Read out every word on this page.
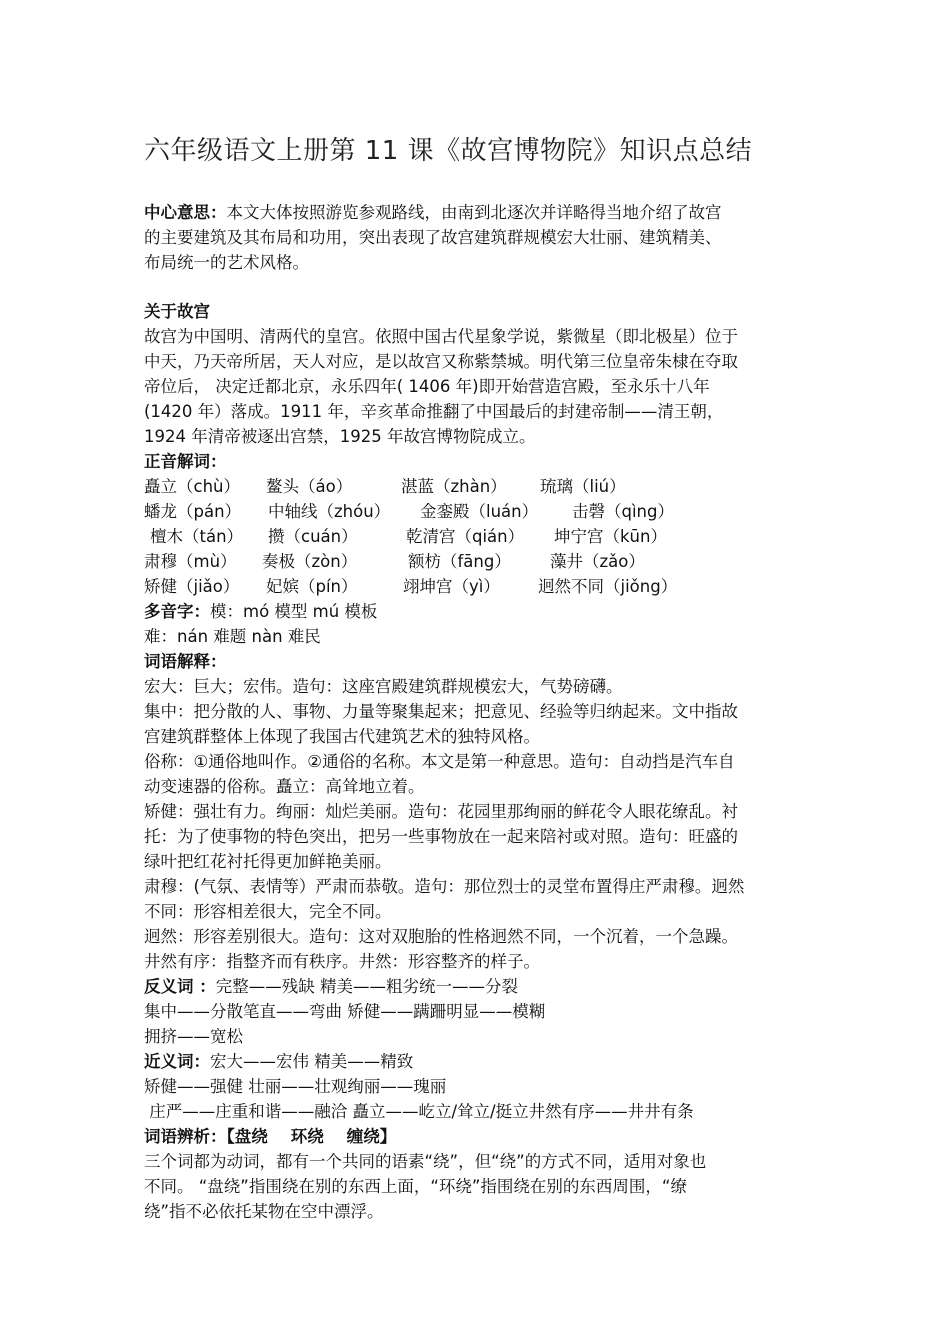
六年级语文上册第 11 课《故宫博物院》知识点总结
中心意思：本文大体按照游览参观路线，由南到北逐次并详略得当地介绍了故宫
的主要建筑及其布局和功用，突出表现了故宫建筑群规模宏大壮丽、建筑精美、
布局统一的艺术风格。
关于故宫
故宫为中国明、清两代的皇宫。依照中国古代星象学说，紫微星（即北极星）位于
中天，乃天帝所居，天人对应，是以故宫又称紫禁城。明代第三位皇帝朱棣在夺取
帝位后， 决定迁都北京，永乐四年( 1406 年)即开始营造宫殿，至永乐十八年
(1420 年）落成。1911 年，辛亥革命推翻了中国最后的封建帝制——清王朝，
1924 年清帝被逐出宫禁，1925 年故宫博物院成立。
正音解词：
矗立（chù） 鳌头（áo）	湛蓝（zhàn） 琉璃（liú）
蟠龙（pán） 中轴线（zhóu） 金銮殿（luán） 击磬（qìng）
檀木（tán） 攒（cuán）	乾清宫（qián） 坤宁宫（kūn）
肃穆（mù） 奏极（zòn）	额枋（fāng） 藻井（zǎo）
矫健（jiǎo） 妃嫔（pín）	翊坤宫（yì） 迥然不同（jiǒng）
多音字：模：mó 模型 mú 模板
难：nán 难题 nàn 难民
词语解释：
宏大：巨大；宏伟。造句：这座宫殿建筑群规模宏大，气势磅礴。
集中：把分散的人、事物、力量等聚集起来；把意见、经验等归纳起来。文中指故
宫建筑群整体上体现了我国古代建筑艺术的独特风格。
俗称：①通俗地叫作。②通俗的名称。本文是第一种意思。造句：自动挡是汽车自
动变速器的俗称。矗立：高耸地立着。
矫健：强壮有力。绚丽：灿烂美丽。造句：花园里那绚丽的鲜花令人眼花缭乱。衬
托：为了使事物的特色突出，把另一些事物放在一起来陪衬或对照。造句：旺盛的
绿叶把红花衬托得更加鲜艳美丽。
肃穆：(气氛、表情等）严肃而恭敬。造句：那位烈士的灵堂布置得庄严肃穆。迥然
不同：形容相差很大，完全不同。
迥然：形容差别很大。造句：这对双胞胎的性格迥然不同，一个沉着，一个急躁。
井然有序：指整齐而有秩序。井然：形容整齐的样子。
反义词 ：完整——残缺 精美——粗劣统一——分裂
集中——分散笔直——弯曲 矫健——蹒跚明显——模糊
拥挤——宽松
近义词：宏大——宏伟 精美——精致
矫健——强健 壮丽——壮观绚丽——瑰丽
庄严——庄重和谐——融洽 矗立——屹立/耸立/挺立井然有序——井井有条
词语辨析：【盘绕    环绕    缠绕】
三个词都为动词，都有一个共同的语素“绕”，但“绕”的方式不同，适用对象也
不同。 “盘绕”指围绕在别的东西上面，“环绕”指围绕在别的东西周围，“缭
绕”指不必依托某物在空中漂浮。
